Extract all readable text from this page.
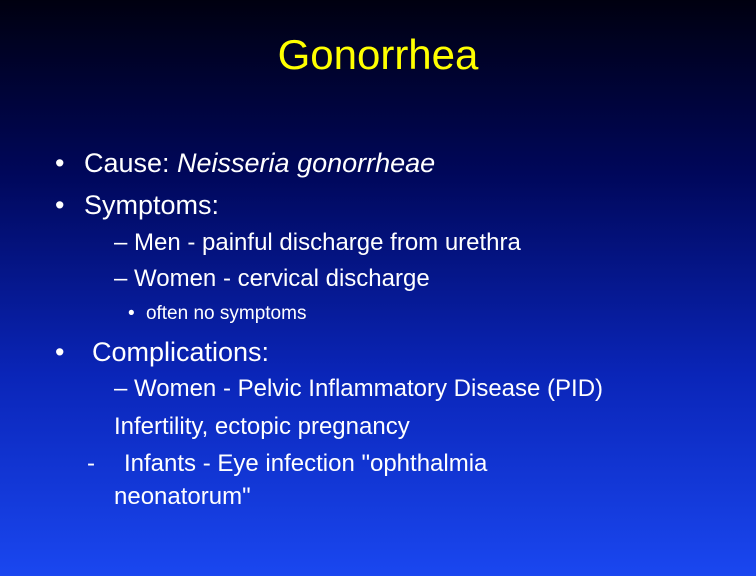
Gonorrhea
• Cause: Neisseria gonorrheae
• Symptoms:
– Men - painful discharge from urethra
– Women - cervical discharge
• often no symptoms
• Complications:
– Women - Pelvic Inflammatory Disease (PID)
Infertility, ectopic pregnancy
- Infants - Eye infection "ophthalmia
neonatorum"
